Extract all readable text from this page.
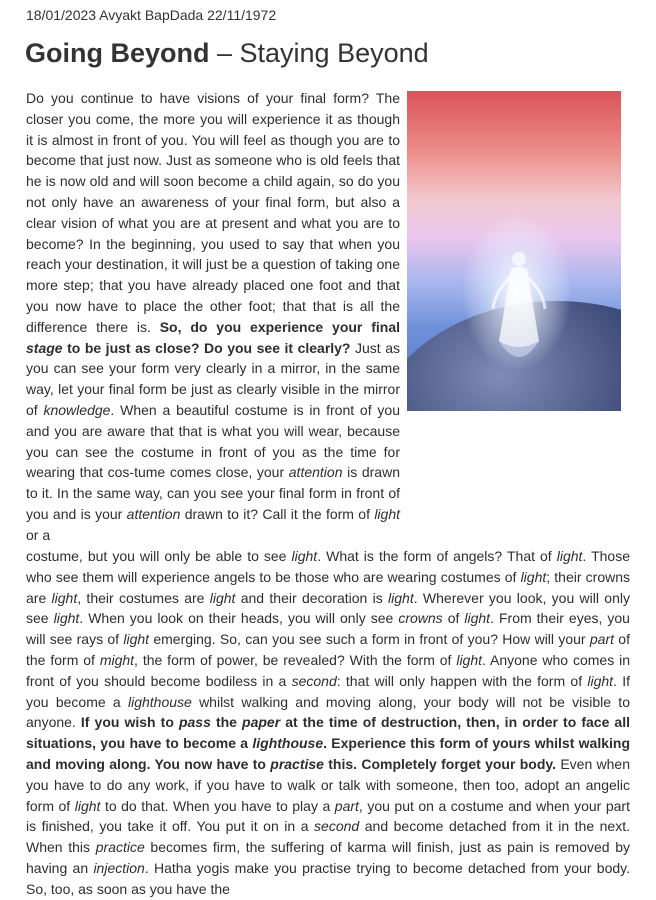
18/01/2023 Avyakt BapDada 22/11/1972
Going Beyond – Staying Beyond

Do you continue to have visions of your final form? The closer you come, the more you will experience it as though it is almost in front of you. You will feel as though you are to become that just now. Just as someone who is old feels that he is now old and will soon become a child again, so do you not only have an awareness of your final form, but also a clear vision of what you are at present and what you are to become? In the beginning, you used to say that when you reach your destination, it will just be a question of taking one more step; that you have already placed one foot and that you now have to place the other foot; that that is all the difference there is. So, do you experience your final stage to be just as close? Do you see it clearly? Just as you can see your form very clearly in a mirror, in the same way, let your final form be just as clearly visible in the mirror of knowledge. When a beautiful costume is in front of you and you are aware that that is what you will wear, because you can see the costume in front of you as the time for wearing that cos-tume comes close, your attention is drawn to it. In the same way, can you see your final form in front of you and is your attention drawn to it? Call it the form of light or a

costume, but you will only be able to see light. What is the form of angels? That of light. Those who see them will experience angels to be those who are wearing costumes of light; their crowns are light, their costumes are light and their decoration is light. Wherever you look, you will only see light. When you look on their heads, you will only see crowns of light. From their eyes, you will see rays of light emerging. So, can you see such a form in front of you? How will your part of the form of might, the form of power, be revealed? With the form of light. Anyone who comes in front of you should become bodiless in a second: that will only happen with the form of light. If you become a lighthouse whilst walking and moving along, your body will not be visible to anyone. If you wish to pass the paper at the time of destruction, then, in order to face all situations, you have to become a lighthouse. Experience this form of yours whilst walking and moving along. You now have to practise this. Completely forget your body. Even when you have to do any work, if you have to walk or talk with someone, then too, adopt an angelic form of light to do that. When you have to play a part, you put on a costume and when your part is finished, you take it off. You put it on in a second and become detached from it in the next. When this practice becomes firm, the suffering of karma will finish, just as pain is removed by having an injection. Hatha yogis make you practise trying to become detached from your body. So, too, as soon as you have the
